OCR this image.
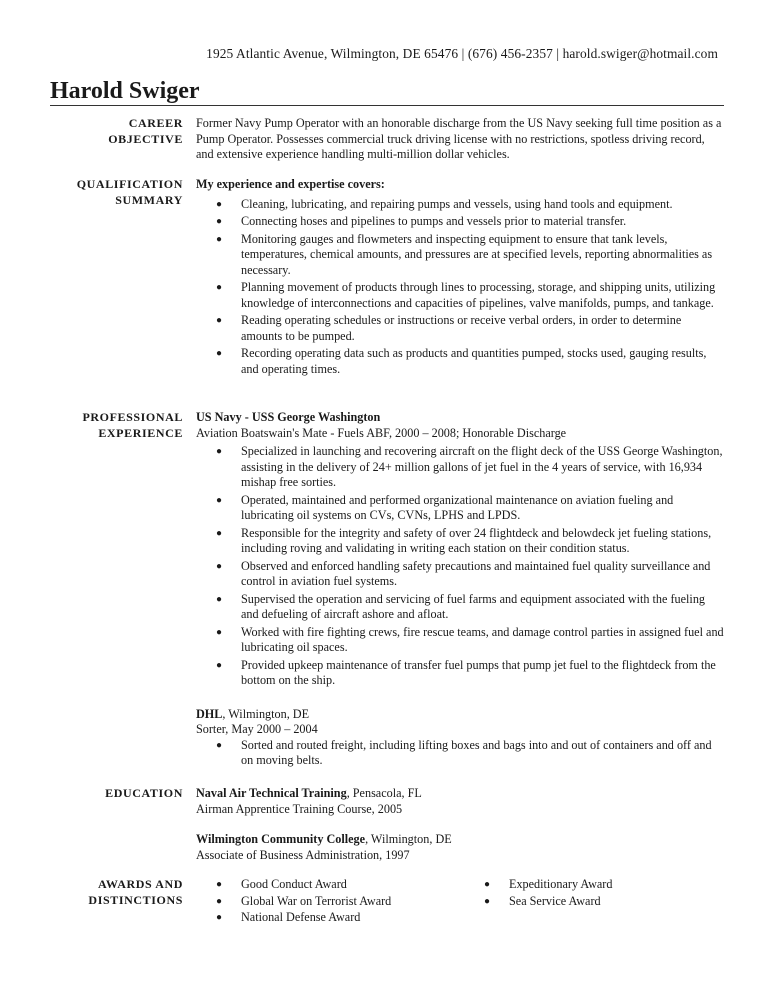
1925 Atlantic Avenue, Wilmington, DE 65476 | (676) 456-2357 | harold.swiger@hotmail.com
Harold Swiger
CAREER
OBJECTIVE

Former Navy Pump Operator with an honorable discharge from the US Navy seeking full time position as a Pump Operator. Possesses commercial truck driving license with no restrictions, spotless driving record, and extensive experience handling multi-million dollar vehicles.

QUALIFICATION
SUMMARY

My experience and expertise covers:

● Cleaning, lubricating, and repairing pumps and vessels, using hand tools and equipment.
● Connecting hoses and pipelines to pumps and vessels prior to material transfer.
● Monitoring gauges and flowmeters and inspecting equipment to ensure that tank levels, temperatures, chemical amounts, and pressures are at specified levels, reporting abnormalities as necessary.
● Planning movement of products through lines to processing, storage, and shipping units, utilizing knowledge of interconnections and capacities of pipelines, valve manifolds, pumps, and tankage.
● Reading operating schedules or instructions or receive verbal orders, in order to determine amounts to be pumped.
● Recording operating data such as products and quantities pumped, stocks used, gauging results, and operating times.
PROFESSIONAL
EXPERIENCE

US Navy - USS George Washington

Aviation Boatswain's Mate - Fuels ABF, 2000 – 2008; Honorable Discharge

● Specialized in launching and recovering aircraft on the flight deck of the USS George Washington, assisting in the delivery of 24+ million gallons of jet fuel in the 4 years of service, with 16,934 mishap free sorties.
● Operated, maintained and performed organizational maintenance on aviation fueling and lubricating oil systems on CVs, CVNs, LPHS and LPDS.
● Responsible for the integrity and safety of over 24 flightdeck and belowdeck jet fueling stations, including roving and validating in writing each station on their condition status.
● Observed and enforced handling safety precautions and maintained fuel quality surveillance and control in aviation fuel systems.
● Supervised the operation and servicing of fuel farms and equipment associated with the fueling and defueling of aircraft ashore and afloat.
● Worked with fire fighting crews, fire rescue teams, and damage control parties in assigned fuel and lubricating oil spaces.
● Provided upkeep maintenance of transfer fuel pumps that pump jet fuel to the flightdeck from the bottom on the ship.

DHL, Wilmington, DE

Sorter, May 2000 – 2004

● Sorted and routed freight, including lifting boxes and bags into and out of containers and off and on moving belts.
EDUCATION Naval Air Technical Training, Pensacola, FL

Airman Apprentice Training Course, 2005

Wilmington Community College, Wilmington, DE

Associate of Business Administration, 1997

AWARDS AND
DISTINCTIONS
● Good Conduct Award
● Global War on Terrorist Award
● National Defense Award
● Expeditionary Award
● Sea Service Award
